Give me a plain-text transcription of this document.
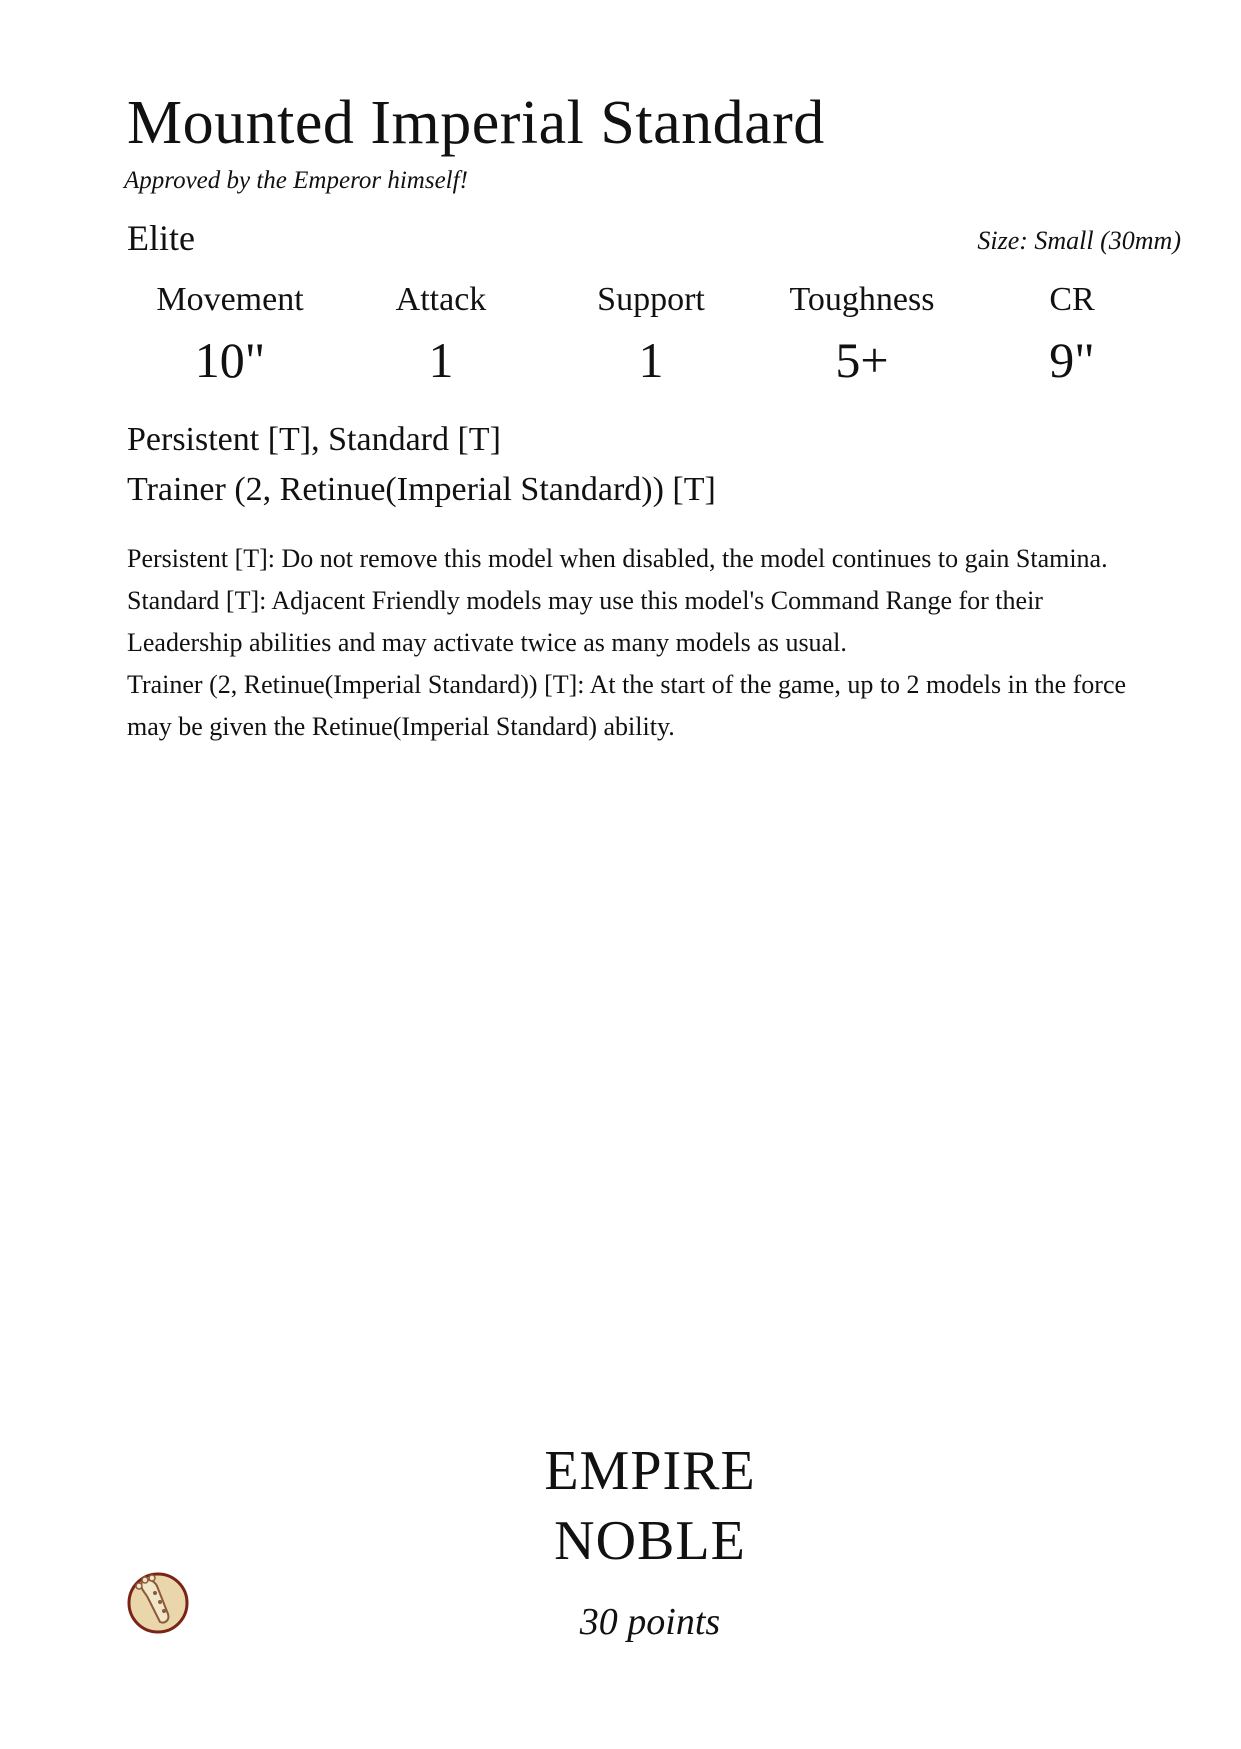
Mounted Imperial Standard
Approved by the Emperor himself!
Elite	Size: Small (30mm)
Movement
10"
Attack
1
Support
1
Toughness
5+
CR
9"
Persistent [T], Standard [T]
Trainer (2, Retinue(Imperial Standard)) [T]
Persistent [T]: Do not remove this model when disabled, the model continues to gain Stamina.
Standard [T]: Adjacent Friendly models may use this model's Command Range for their Leadership abilities and may activate twice as many models as usual.
Trainer (2, Retinue(Imperial Standard)) [T]: At the start of the game, up to 2 models in the force may be given the Retinue(Imperial Standard) ability.
EMPIRE
NOBLE
30 points
